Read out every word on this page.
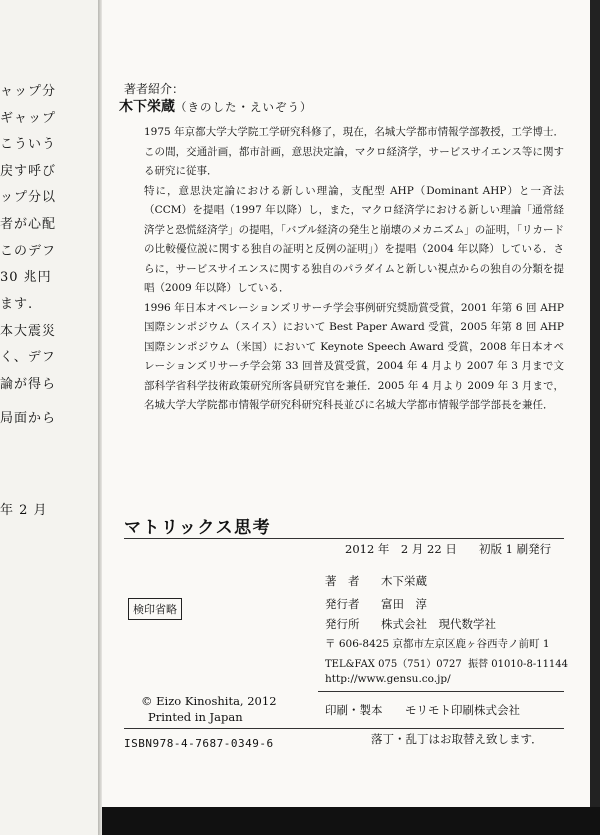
ャップ分
ギャップ
こういう
戻す呼び
ップ分以
者が心配
このデフ
30 兆円
ます.
本大震災
く、デフ
論が得ら
局面から
年 2 月
著者紹介：
木下栄蔵（きのした・えいぞう）

1975 年京都大学大学院工学研究科修了，現在，名城大学都市情報学部教授，工学博士．この間，交通計画，都市計画，意思決定論，マクロ経済学，サービスサイエンス等に関する研究に従事．

特に，意思決定論における新しい理論，支配型 AHP（Dominant AHP）と一斉法（CCM）を提唱（1997 年以降）し，また，マクロ経済学における新しい理論「通常経済学と恐慌経済学」の提唱，「バブル経済の発生と崩壊のメカニズム」の証明，「リカードの比較優位説に関する独自の証明と反例の証明」）を提唱（2004 年以降）している．さらに，サービスサイエンスに関する独自のパラダイムと新しい視点からの独自の分類を提唱（2009 年以降）している．

1996 年日本オペレーションズリサーチ学会事例研究奨励賞受賞，2001 年第 6 回 AHP 国際シンポジウム（スイス）において Best Paper Award 受賞，2005 年第 8 回 AHP 国際シンポジウム（米国）において Keynote Speech Award 受賞，2008 年日本オペレーションズリサーチ学会第 33 回普及賞受賞，2004 年 4 月より 2007 年 3 月まで文部科学省科学技術政策研究所客員研究官を兼任．2005 年 4 月より 2009 年 3 月まで，名城大学大学院都市情報学研究科研究科長並びに名城大学都市情報学部学部長を兼任．

マトリックス思考
2012 年　2 月 22 日 初版 1 刷発行
検印省略
著　者 木下栄蔵
発行者 富田　淳
発行所 株式会社　現代数学社
〒 606-8425 京都市左京区鹿ヶ谷西寺ノ前町 1
TEL&FAX 075（751）0727 振替 01010-8-11144
http://www.gensu.co.jp/
© Eizo Kinoshita, 2012
Printed in Japan	印刷・製本 モリモト印刷株式会社
ISBN978-4-7687-0349-6	落丁・乱丁はお取替え致します．
